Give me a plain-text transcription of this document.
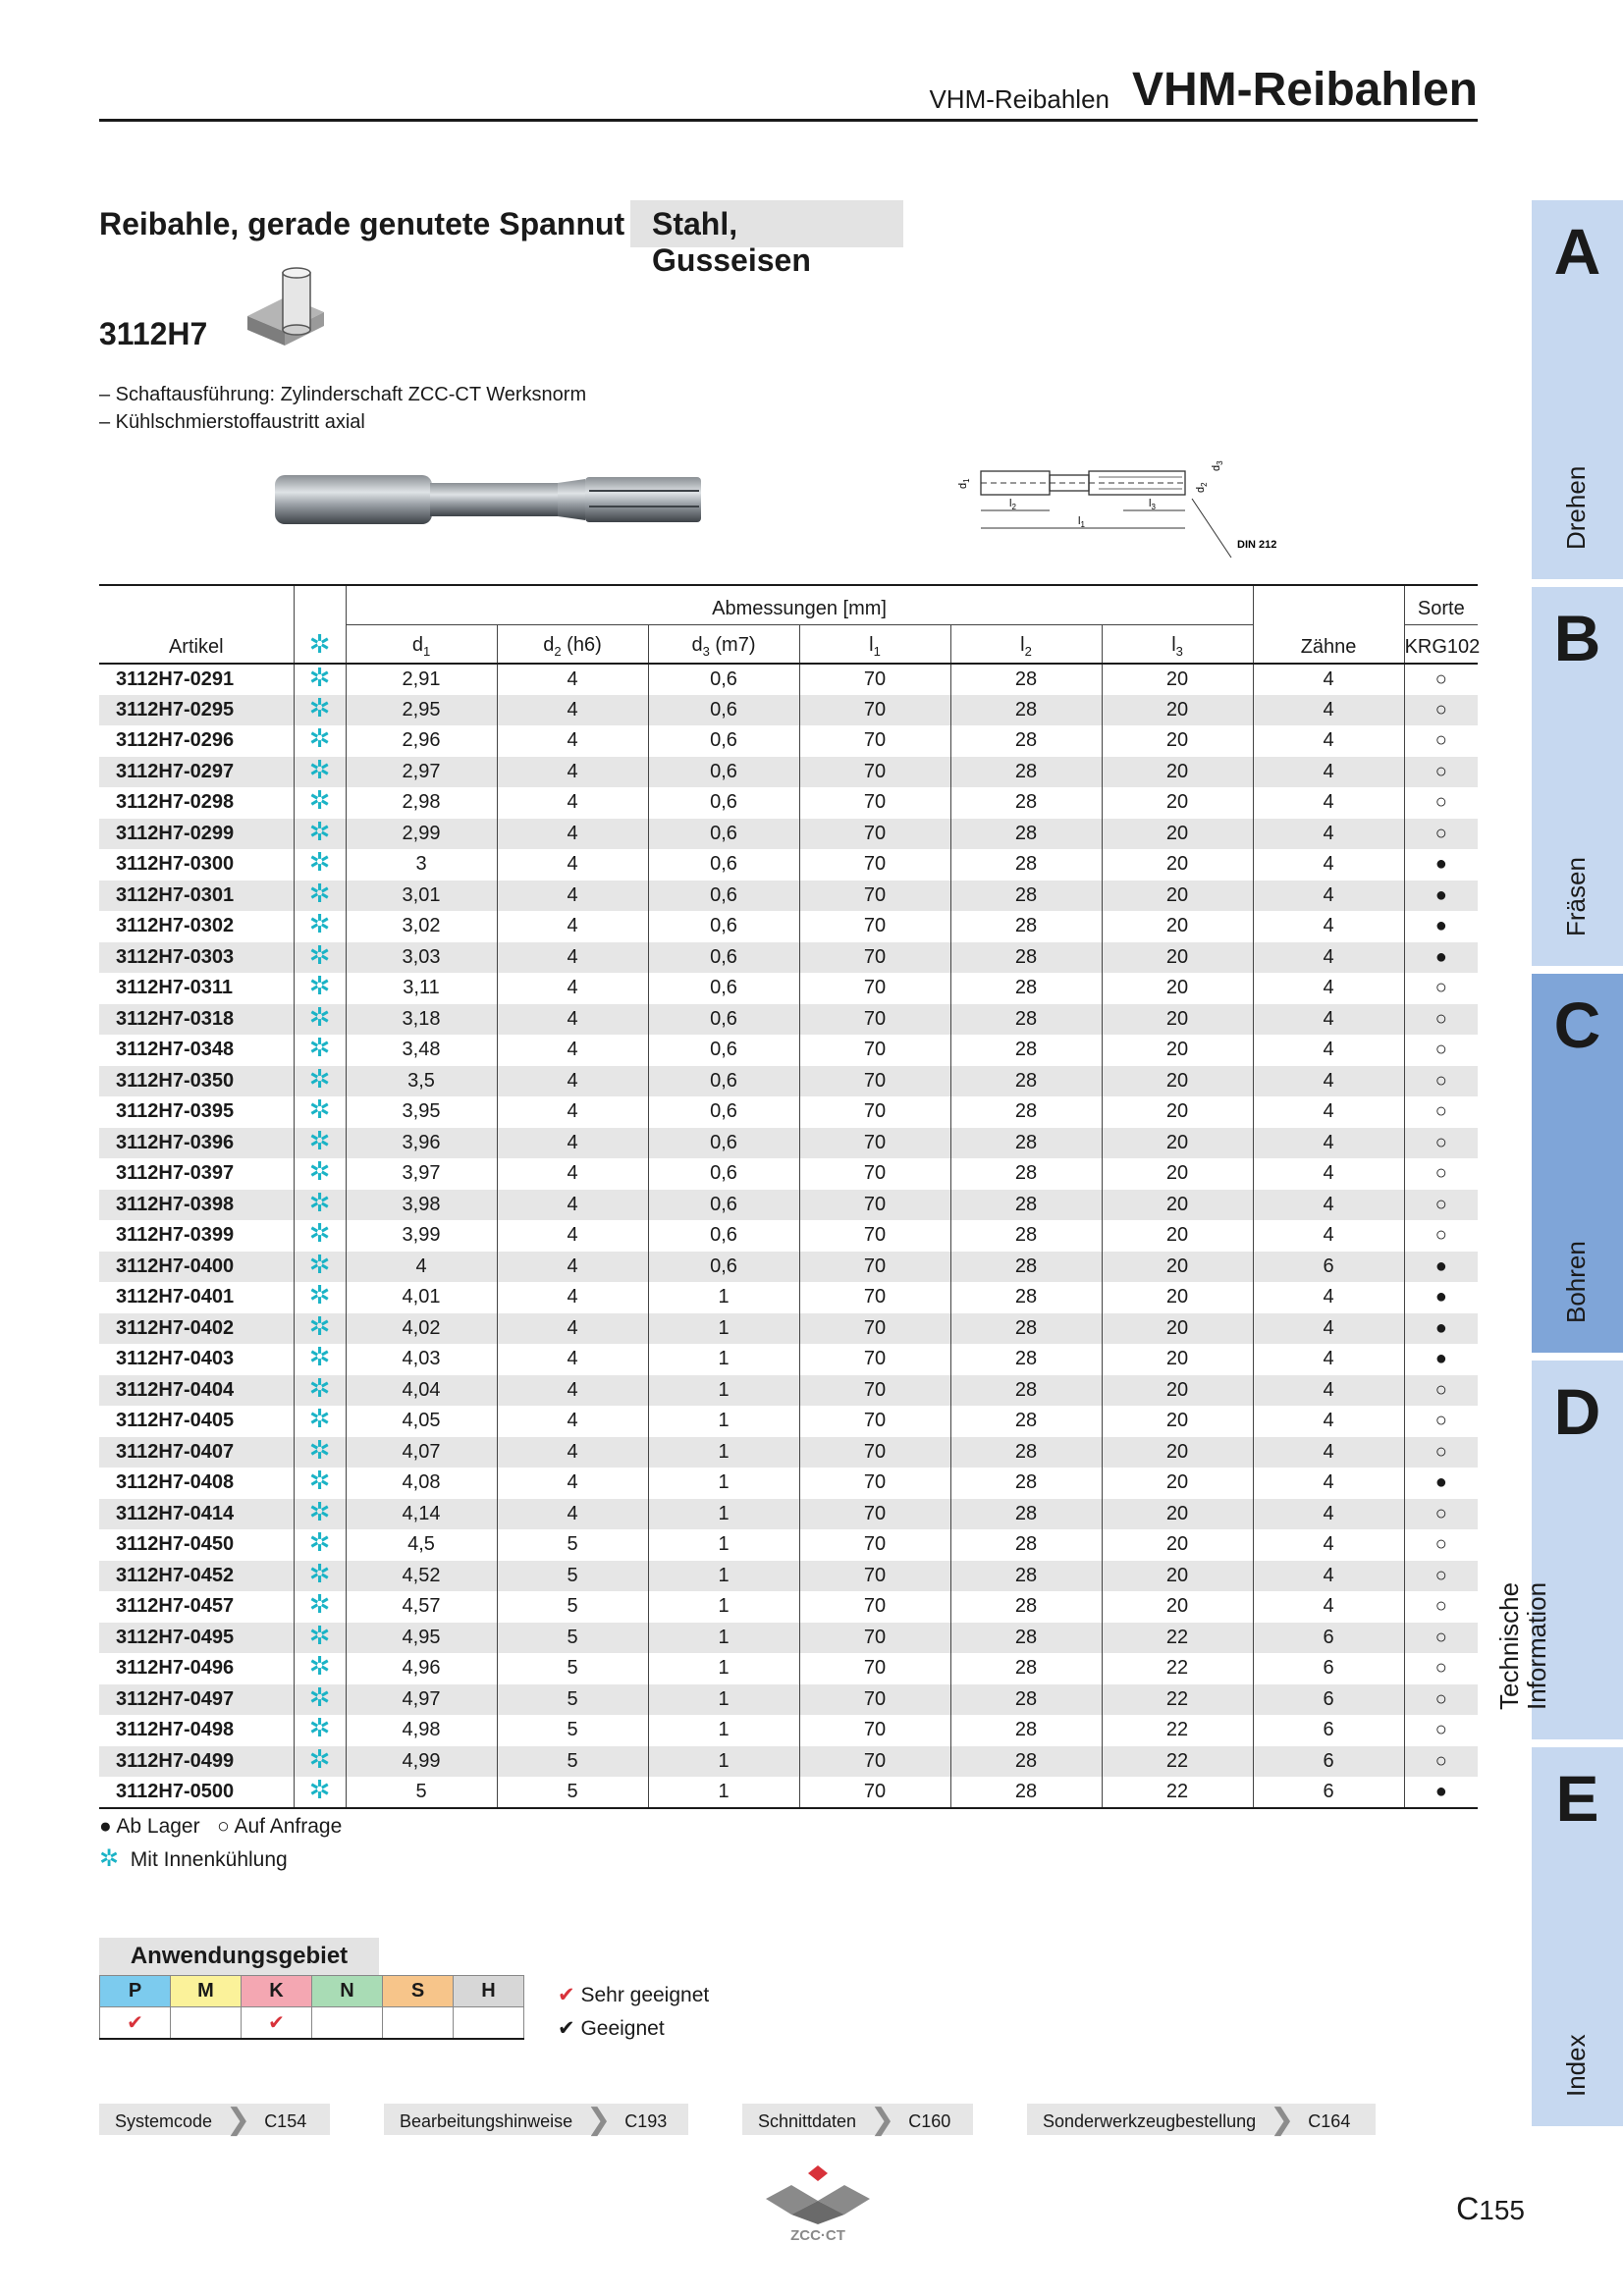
VHM-Reibahlen VHM-Reibahlen
Reibahle, gerade genutete Spannut Stahl, Gusseisen
3112H7
– Schaftausführung: Zylinderschaft ZCC-CT Werksnorm
– Kühlschmierstoffaustritt axial
$l_2$
$l_1$
$l_3$
$d_1$
$d_2$
$d_3$
DIN 212
Artikel	✲	Abmessungen [mm]						Zähne	Sorte
		$d_1$	$d_2$ (h6)	$d_3$ (m7)	$l_1$	$l_2$	$l_3$		KRG102
3112H7-0291	✲	2,91	4	0,6	70	28	20	4	○
3112H7-0295	✲	2,95	4	0,6	70	28	20	4	○
3112H7-0296	✲	2,96	4	0,6	70	28	20	4	○
3112H7-0297	✲	2,97	4	0,6	70	28	20	4	○
3112H7-0298	✲	2,98	4	0,6	70	28	20	4	○
3112H7-0299	✲	2,99	4	0,6	70	28	20	4	○
3112H7-0300	✲	3	4	0,6	70	28	20	4	●
3112H7-0301	✲	3,01	4	0,6	70	28	20	4	●
3112H7-0302	✲	3,02	4	0,6	70	28	20	4	●
3112H7-0303	✲	3,03	4	0,6	70	28	20	4	●
3112H7-0311	✲	3,11	4	0,6	70	28	20	4	○
3112H7-0318	✲	3,18	4	0,6	70	28	20	4	○
3112H7-0348	✲	3,48	4	0,6	70	28	20	4	○
3112H7-0350	✲	3,5	4	0,6	70	28	20	4	○
3112H7-0395	✲	3,95	4	0,6	70	28	20	4	○
3112H7-0396	✲	3,96	4	0,6	70	28	20	4	○
3112H7-0397	✲	3,97	4	0,6	70	28	20	4	○
3112H7-0398	✲	3,98	4	0,6	70	28	20	4	○
3112H7-0399	✲	3,99	4	0,6	70	28	20	4	○
3112H7-0400	✲	4	4	0,6	70	28	20	6	●
3112H7-0401	✲	4,01	4	1	70	28	20	4	●
3112H7-0402	✲	4,02	4	1	70	28	20	4	●
3112H7-0403	✲	4,03	4	1	70	28	20	4	●
3112H7-0404	✲	4,04	4	1	70	28	20	4	○
3112H7-0405	✲	4,05	4	1	70	28	20	4	○
3112H7-0407	✲	4,07	4	1	70	28	20	4	○
3112H7-0408	✲	4,08	4	1	70	28	20	4	●
3112H7-0414	✲	4,14	4	1	70	28	20	4	○
3112H7-0450	✲	4,5	5	1	70	28	20	4	○
3112H7-0452	✲	4,52	5	1	70	28	20	4	○
3112H7-0457	✲	4,57	5	1	70	28	20	4	○
3112H7-0495	✲	4,95	5	1	70	28	22	6	○
3112H7-0496	✲	4,96	5	1	70	28	22	6	○
3112H7-0497	✲	4,97	5	1	70	28	22	6	○
3112H7-0498	✲	4,98	5	1	70	28	22	6	○
3112H7-0499	✲	4,99	5	1	70	28	22	6	○
3112H7-0500	✲	5	5	1	70	28	22	6	●
● Ab Lager ○ Auf Anfrage
✲ Mit Innenkühlung
Anwendungsgebiet
P	M	K	N	S	H
✔		✔			
✔ Sehr geeignet
✔ Geeignet
Systemcode ❯ C154	Bearbeitungshinweise ❯ C193	Schnittdaten ❯ C160	Sonderwerkzeugbestellung ❯ C164
ZCC·CT
C155
A
Drehen
B
Fräsen
C
Bohren
D
Technische
Information
E
Index
